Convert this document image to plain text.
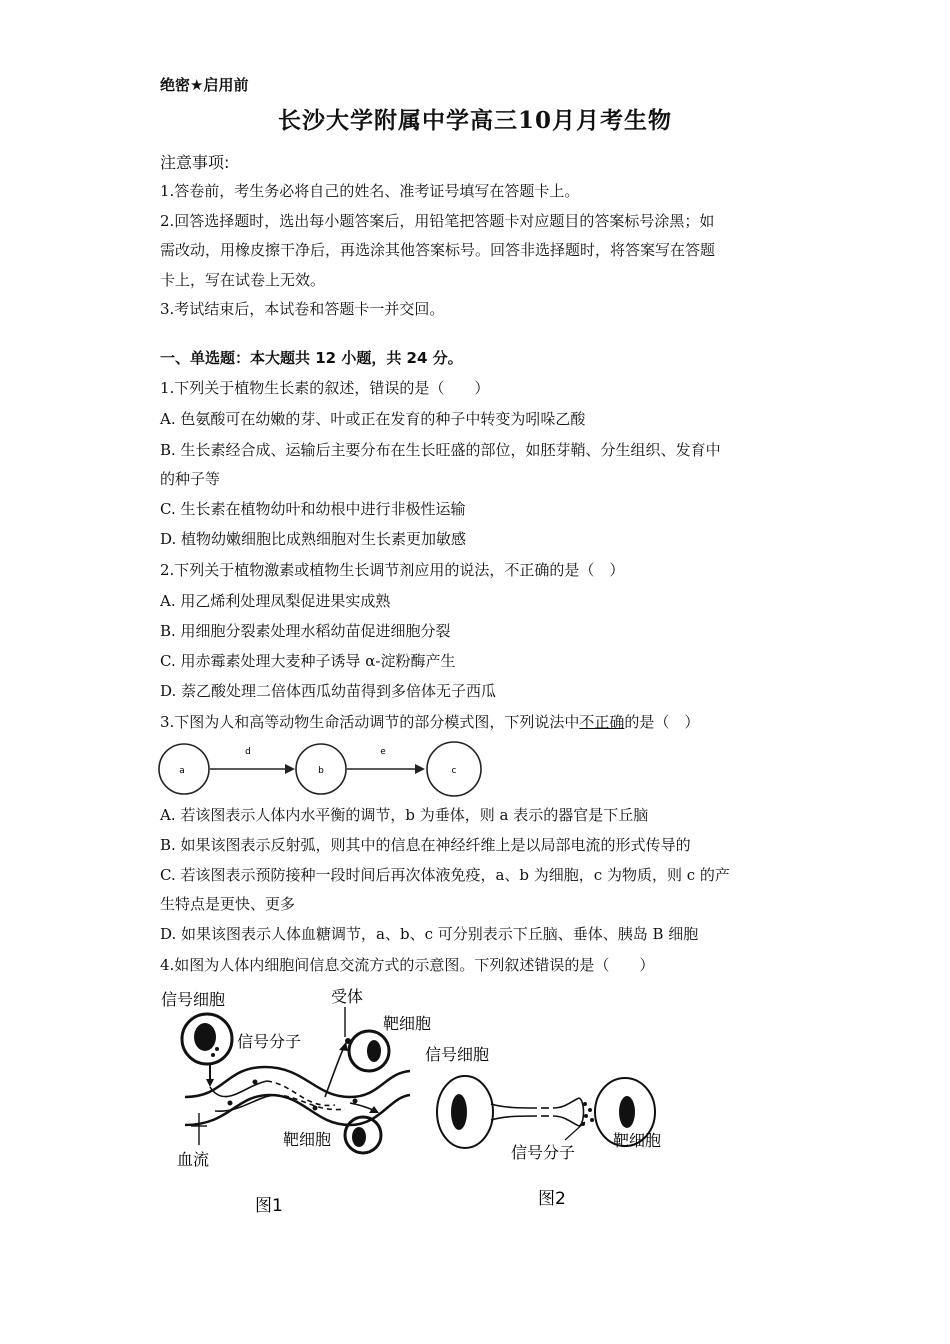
绝密★启用前
长沙大学附属中学高三10月月考生物
注意事项:
1.答卷前，考生务必将自己的姓名、准考证号填写在答题卡上。
2.回答选择题时，选出每小题答案后，用铅笔把答题卡对应题目的答案标号涂黑；如
需改动，用橡皮擦干净后，再选涂其他答案标号。回答非选择题时，将答案写在答题
卡上，写在试卷上无效。
3.考试结束后，本试卷和答题卡一并交回。
一、单选题：本大题共 12 小题，共 24 分。
1.下列关于植物生长素的叙述，错误的是（　　）
A. 色氨酸可在幼嫩的芽、叶或正在发育的种子中转变为吲哚乙酸
B. 生长素经合成、运输后主要分布在生长旺盛的部位，如胚芽鞘、分生组织、发育中
的种子等
C. 生长素在植物幼叶和幼根中进行非极性运输
D. 植物幼嫩细胞比成熟细胞对生长素更加敏感
2.下列关于植物激素或植物生长调节剂应用的说法，不正确的是（　）
A. 用乙烯利处理凤梨促进果实成熟
B. 用细胞分裂素处理水稻幼苗促进细胞分裂
C. 用赤霉素处理大麦种子诱导 α-淀粉酶产生
D. 萘乙酸处理二倍体西瓜幼苗得到多倍体无子西瓜
3.下图为人和高等动物生命活动调节的部分模式图，下列说法中不正确的是（　）
a	b	c
d	e
A. 若该图表示人体内水平衡的调节，b 为垂体，则 a 表示的器官是下丘脑
B. 如果该图表示反射弧，则其中的信息在神经纤维上是以局部电流的形式传导的
C. 若该图表示预防接种一段时间后再次体液免疫，a、b 为细胞，c 为物质，则 c 的产
生特点是更快、更多
D. 如果该图表示人体血糖调节，a、b、c 可分别表示下丘脑、垂体、胰岛 B 细胞
4.如图为人体内细胞间信息交流方式的示意图。下列叙述错误的是（　　）
信号细胞
信号分子
受体
靶细胞
靶细胞
血流
图1
信号细胞
信号分子
靶细胞
图2
